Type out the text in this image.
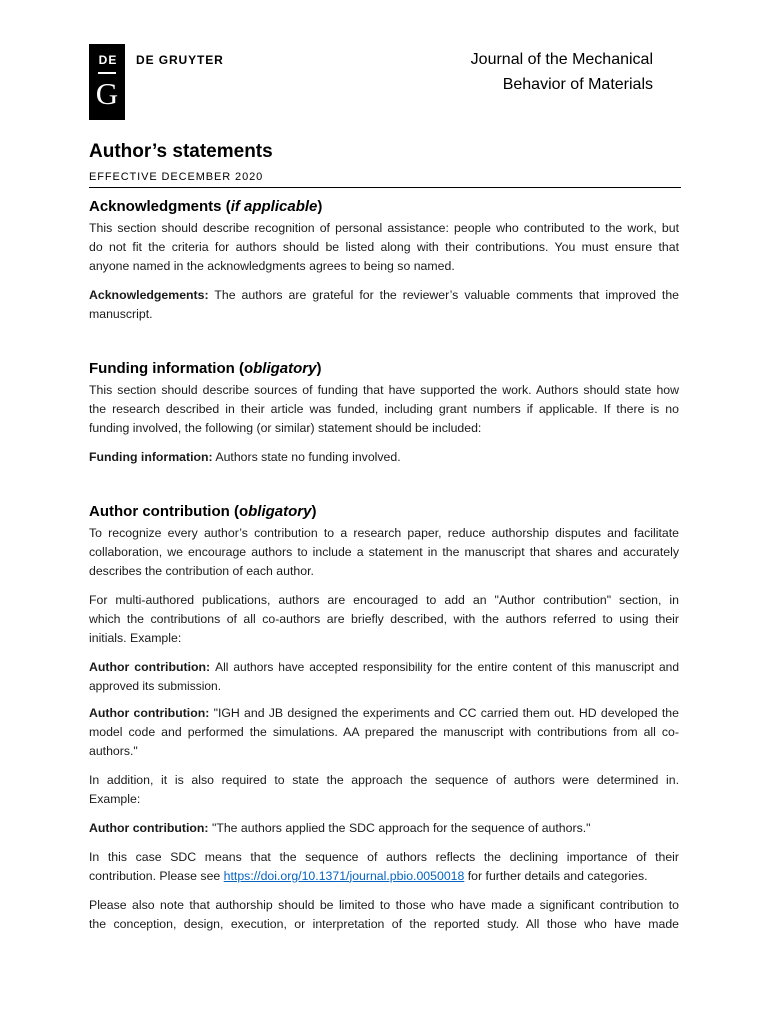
DE
G
DE GRUYTER	Journal of the Mechanical
Behavior of Materials
Author’s statements
EFFECTIVE DECEMBER 2020
Acknowledgments (if applicable)
This section should describe recognition of personal assistance: people who contributed to the work, but
do not fit the criteria for authors should be listed along with their contributions. You must ensure that
anyone named in the acknowledgments agrees to being so named.
Acknowledgements: The authors are grateful for the reviewer’s valuable comments that improved the
manuscript.
Funding information (obligatory)
This section should describe sources of funding that have supported the work. Authors should state how
the research described in their article was funded, including grant numbers if applicable. If there is no
funding involved, the following (or similar) statement should be included:
Funding information: Authors state no funding involved.
Author contribution (obligatory)
To recognize every author’s contribution to a research paper, reduce authorship disputes and facilitate
collaboration, we encourage authors to include a statement in the manuscript that shares and accurately
describes the contribution of each author.
For multi-authored publications, authors are encouraged to add an "Author contribution" section, in
which the contributions of all co-authors are briefly described, with the authors referred to using their
initials. Example:
Author contribution: All authors have accepted responsibility for the entire content of this manuscript and
approved its submission.
Author contribution: "IGH and JB designed the experiments and CC carried them out. HD developed the
model code and performed the simulations. AA prepared the manuscript with contributions from all co-
authors."
In addition, it is also required to state the approach the sequence of authors were determined in.
Example:
Author contribution: "The authors applied the SDC approach for the sequence of authors."
In this case SDC means that the sequence of authors reflects the declining importance of their
contribution. Please see https://doi.org/10.1371/journal.pbio.0050018 for further details and categories.
Please also note that authorship should be limited to those who have made a significant contribution to
the conception, design, execution, or interpretation of the reported study. All those who have made
